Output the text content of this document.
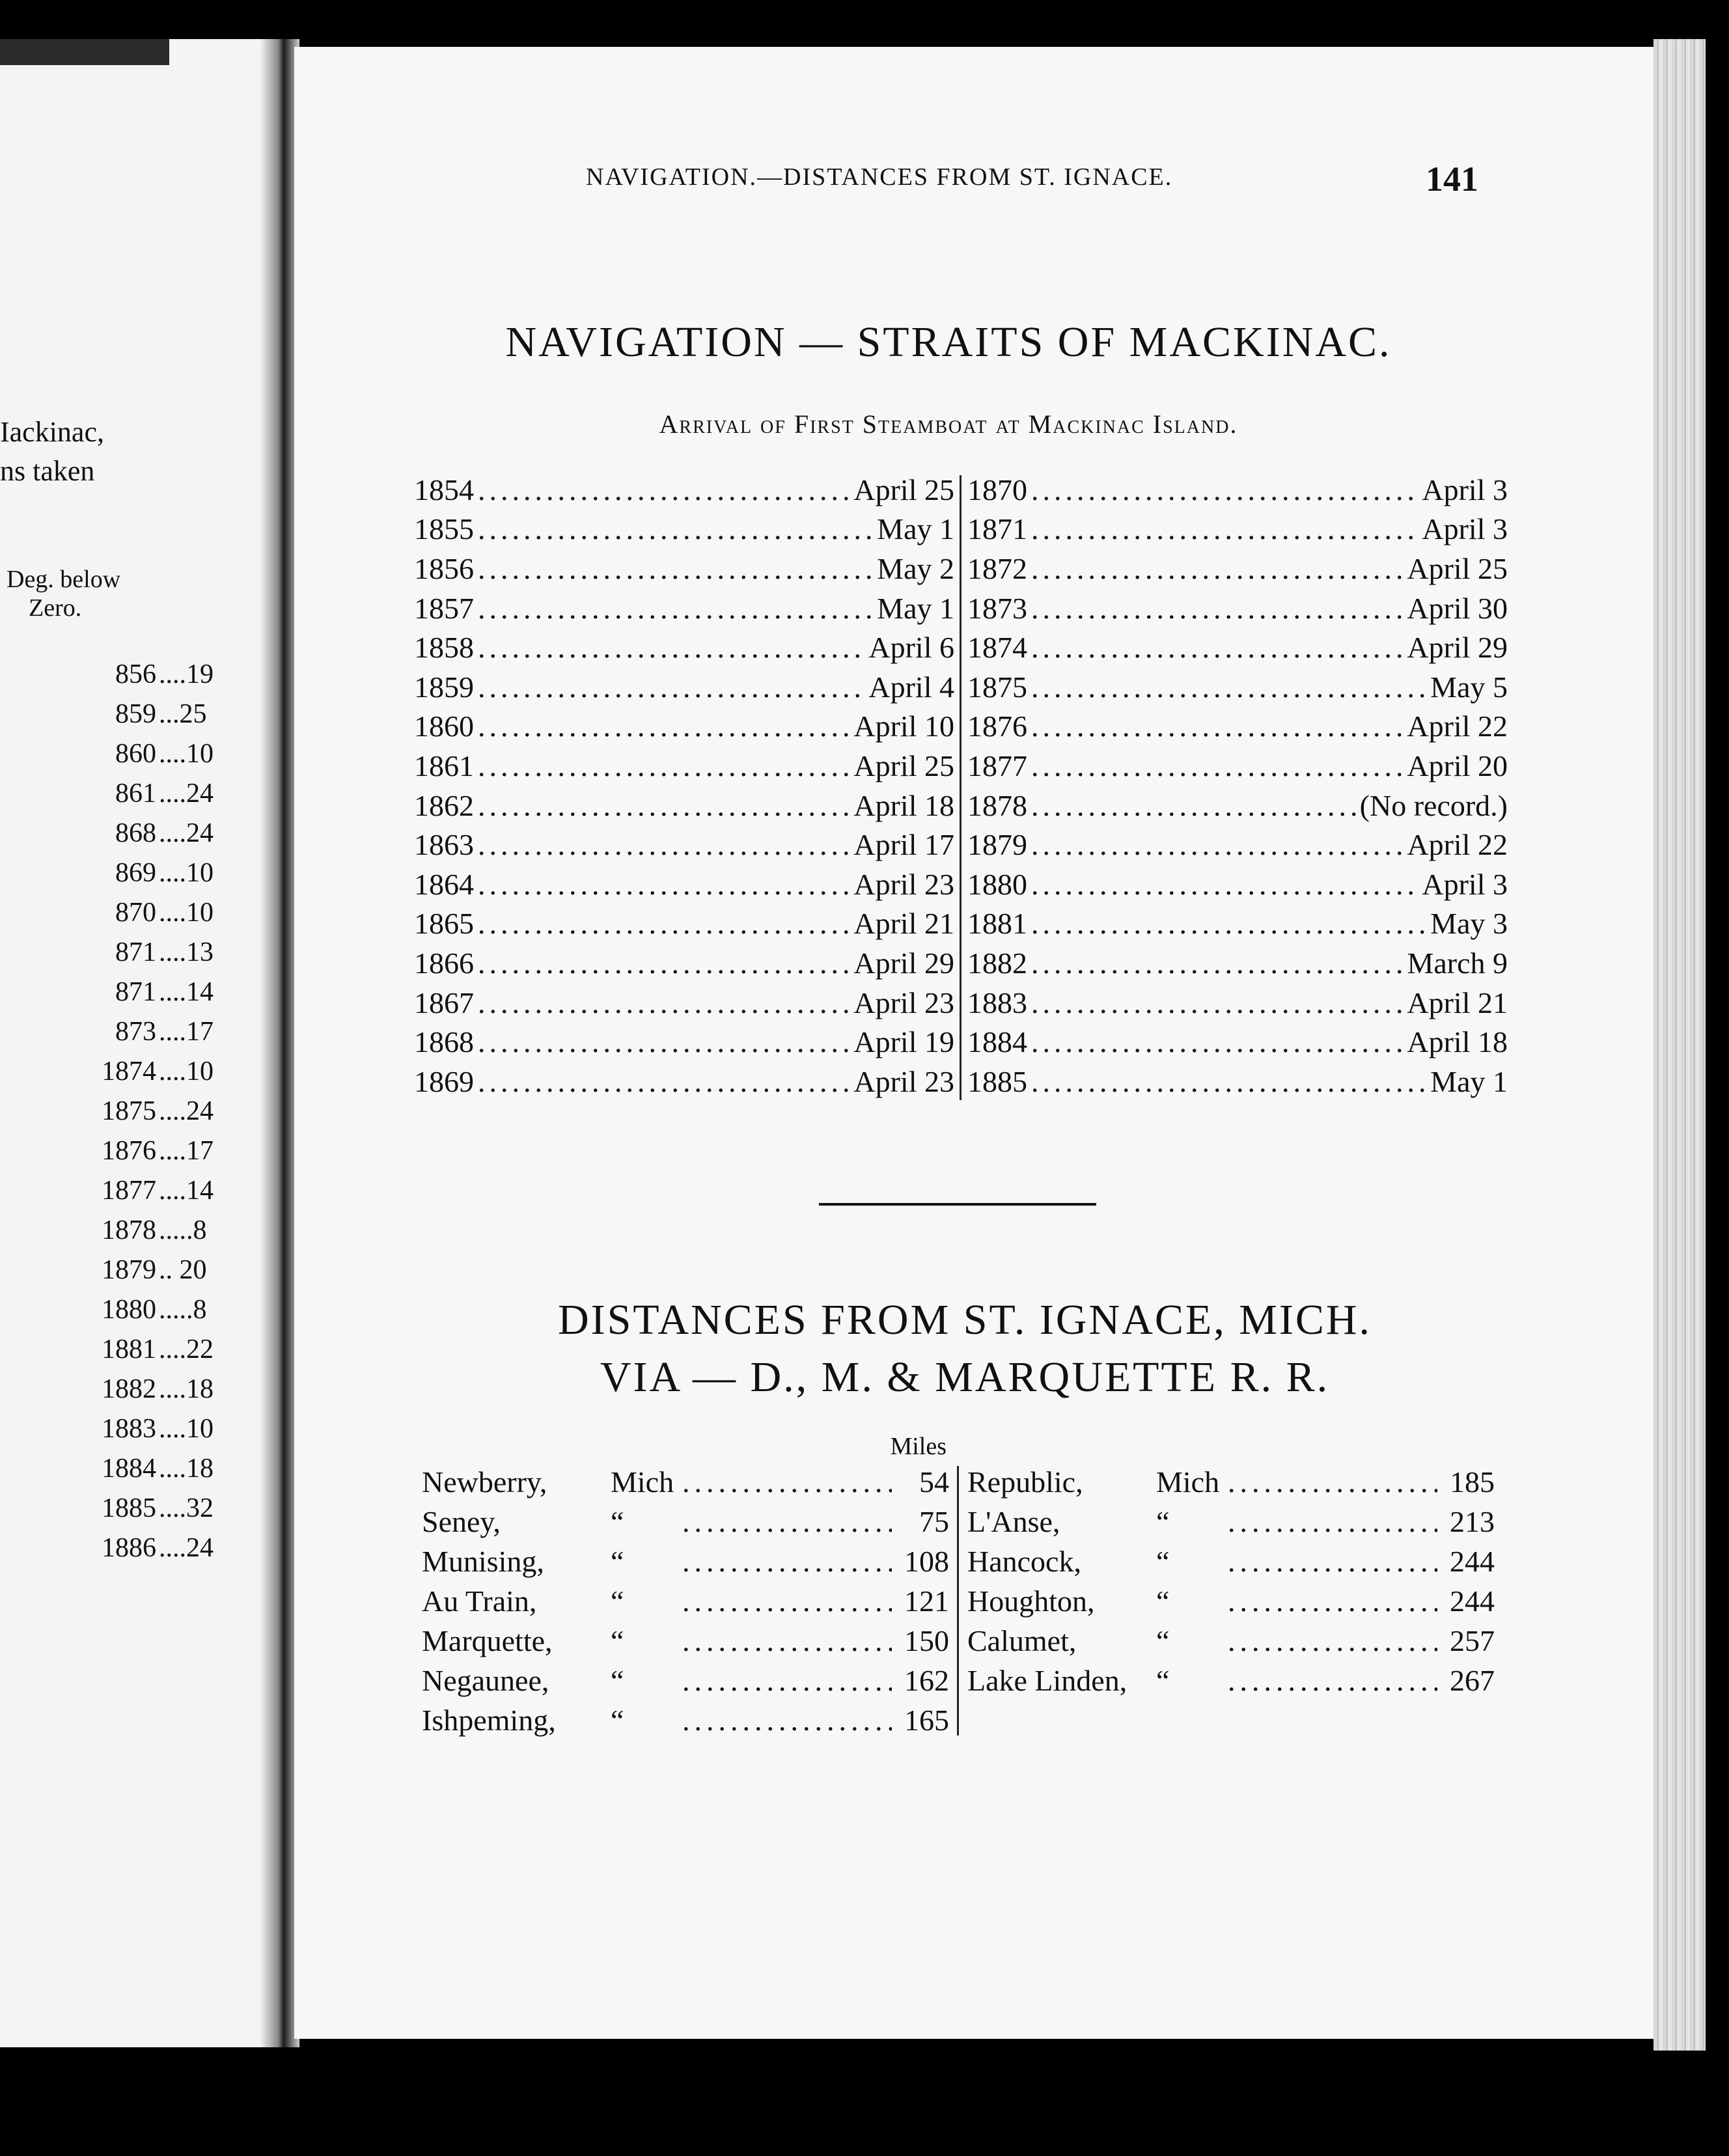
Iackinac,
ns taken
Deg. below
Zero.
856 ....19
859 ...25
860 ....10
861 ....24
868 ....24
869 ....10
870 ....10
871 ....13
871 ....14
873 ....17
1874 ....10
1875 ....24
1876 ....17
1877 ....14
1878 .....8
1879 .. 20
1880 .....8
1881 ....22
1882 ....18
1883 ....10
1884 ....18
1885 ....32
1886 ....24
NAVIGATION.—DISTANCES FROM ST. IGNACE.	141
NAVIGATION — STRAITS OF MACKINAC.
Arrival of First Steamboat at Mackinac Island.
1854 .....	April 25
1855 .....	May 1
1856 .....	May 2
1857 .....	May 1
1858 .....	April 6
1859 .....	April 4
1860 .....	April 10
1861 .....	April 25
1862 .....	April 18
1863 .....	April 17
1864 .....	April 23
1865 .....	April 21
1866 .....	April 29
1867 .....	April 23
1868 .....	April 19
1869 .....	April 23
1870 .....	April 3
1871 .....	April 3
1872 .....	April 25
1873 .....	April 30
1874 .....	April 29
1875 .....	May 5
1876 .....	April 22
1877 .....	April 20
1878 .....	(No record.)
1879 .....	April 22
1880 .....	April 3
1881 .....	May 3
1882 .....	March 9
1883 .....	April 21
1884 .....	April 18
1885 .....	May 1
DISTANCES FROM ST. IGNACE, MICH.
VIA — D., M. & MARQUETTE R. R.
Miles
Newberry,	Mich .....	54
Seney,	“ .....	75
Munising,	“ .....	108
Au Train,	“ .....	121
Marquette,	“ .....	150
Negaunee,	“ .....	162
Ishpeming,	“ .....	165
Republic,	Mich .....	185
L'Anse,	“ .....	213
Hancock,	“ .....	244
Houghton,	“ .....	244
Calumet,	“ .....	257
Lake Linden, “ .....	267
